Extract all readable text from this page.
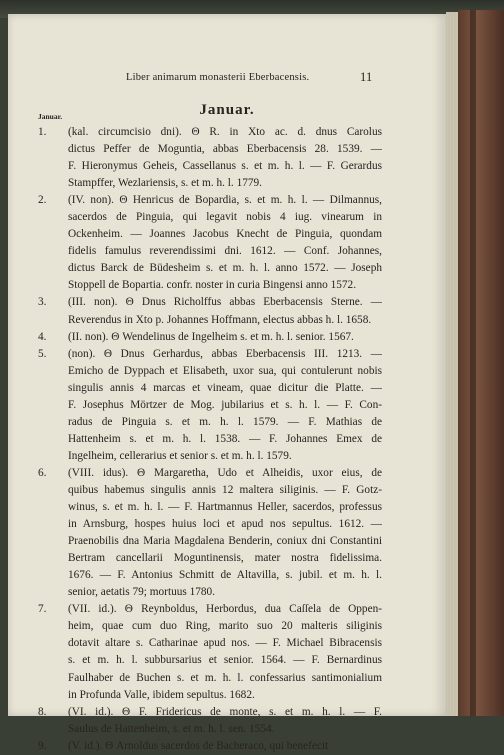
Liber animarum monasterii Eberbacensis.	11
Januar.
Januar.
1.	(kal. circumcisio dni). Θ R. in Xto ac. d. dnus Carolus
dictus Peffer de Moguntia, abbas Eberbacensis 28. 1539. —
F. Hieronymus Geheis, Cassellanus s. et m. h. l. — F. Gerardus
Stampffer, Wezlariensis, s. et m. h. l. 1779.
2.	(IV. non). Θ Henricus de Bopardia, s. et m. h. l. — Dilmannus,
sacerdos de Pinguia, qui legavit nobis 4 iug. vinearum in
Ockenheim. — Joannes Jacobus Knecht de Pinguia, quondam
fidelis famulus reverendissimi dni. 1612. — Conf. Johannes,
dictus Barck de Büdesheim s. et m. h. l. anno 1572. — Joseph
Stoppell de Bopartia. confr. noster in curia Bingensi anno 1572.
3.	(III. non). Θ Dnus Richolffus abbas Eberbacensis Sterne. —
Reverendus in Xto p. Johannes Hoffmann, electus abbas h. l. 1658.
4.	(II. non). Θ Wendelinus de Ingelheim s. et m. h. l. senior. 1567.
5.	(non). Θ Dnus Gerhardus, abbas Eberbacensis III. 1213. —
Emicho de Dyppach et Elisabeth, uxor sua, qui contulerunt nobis
singulis annis 4 marcas et vineam, quae dicitur die Platte. —
F. Josephus Mörtzer de Mog. jubilarius et s. h. l. — F. Con-
radus de Pinguia s. et m. h. l. 1579. — F. Mathias de
Hattenheim s. et m. h. l. 1538. — F. Johannes Emex de
Ingelheim, cellerarius et senior s. et m. h. l. 1579.
6.	(VIII. idus). Θ Margaretha, Udo et Alheidis, uxor eius, de
quibus habemus singulis annis 12 maltera siliginis. — F. Gotz-
winus, s. et m. h. l. — F. Hartmannus Heller, sacerdos, professus
in Arnsburg, hospes huius loci et apud nos sepultus. 1612. —
Praenobilis dna Maria Magdalena Benderin, coniux dni Constantini
Bertram cancellarii Moguntinensis, mater nostra fidelissima.
1676. — F. Antonius Schmitt de Altavilla, s. jubil. et m. h. l.
senior, aetatis 79; mortuus 1780.
7.	(VII. id.). Θ Reynboldus, Herbordus, dua Caſſela de Oppen-
heim, quae cum duo Ring, marito suo 20 malteris siliginis
dotavit altare s. Catharinae apud nos. — F. Michael Bibracensis
s. et m. h. l. subbursarius et senior. 1564. — F. Bernardinus
Faulhaber de Buchen s. et m. h. l. confessarius santimonialium
in Profunda Valle, ibidem sepultus. 1682.
8.	(VI. id.). Θ F. Fridericus de monte, s. et m. h. l. — F.
Saulus de Hattenheim, s. et m. h. l. sen. 1554.
9.	(V. id.). Θ Arnoldus sacerdos de Bacheraco, qui benefecit
